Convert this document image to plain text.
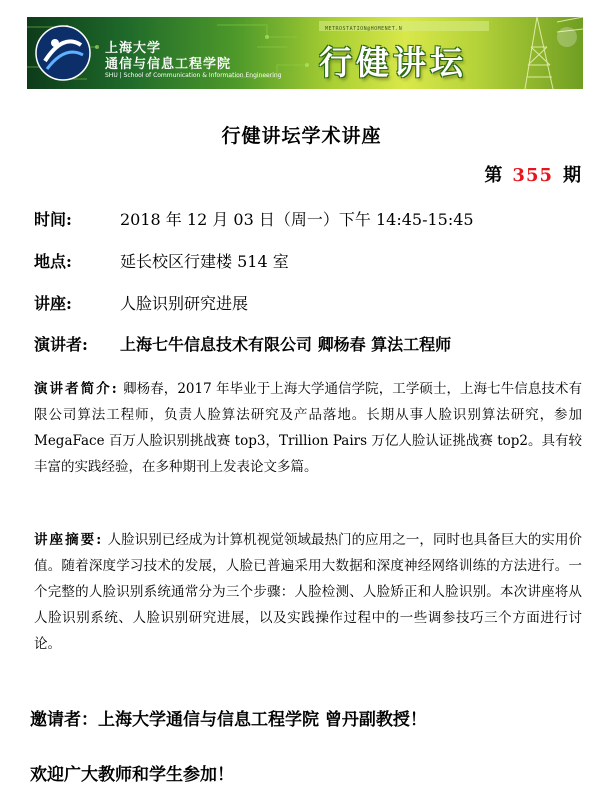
上海大学
通信与信息工程学院
SHU | School of Communication & Information Engineering
METROSTATION@HOMENET.N
行健讲坛
行健讲坛学术讲座
第 355 期
时间:	2018 年 12 月 03 日（周一）下午 14:45-15:45
地点:	延长校区行建楼 514 室
讲座:	人脸识别研究进展
演讲者: 上海七牛信息技术有限公司 卿杨春 算法工程师
演讲者简介: 卿杨春，2017 年毕业于上海大学通信学院，工学硕士，上海七牛信息技术有限公司算法工程师，负责人脸算法研究及产品落地。长期从事人脸识别算法研究，参加 MegaFace 百万人脸识别挑战赛 top3，Trillion Pairs 万亿人脸认证挑战赛 top2。具有较丰富的实践经验，在多种期刊上发表论文多篇。
讲座摘要: 人脸识别已经成为计算机视觉领域最热门的应用之一，同时也具备巨大的实用价值。随着深度学习技术的发展，人脸已普遍采用大数据和深度神经网络训练的方法进行。一个完整的人脸识别系统通常分为三个步骤：人脸检测、人脸矫正和人脸识别。本次讲座将从人脸识别系统、人脸识别研究进展，以及实践操作过程中的一些调参技巧三个方面进行讨论。
邀请者：上海大学通信与信息工程学院 曾丹副教授！
欢迎广大教师和学生参加！
